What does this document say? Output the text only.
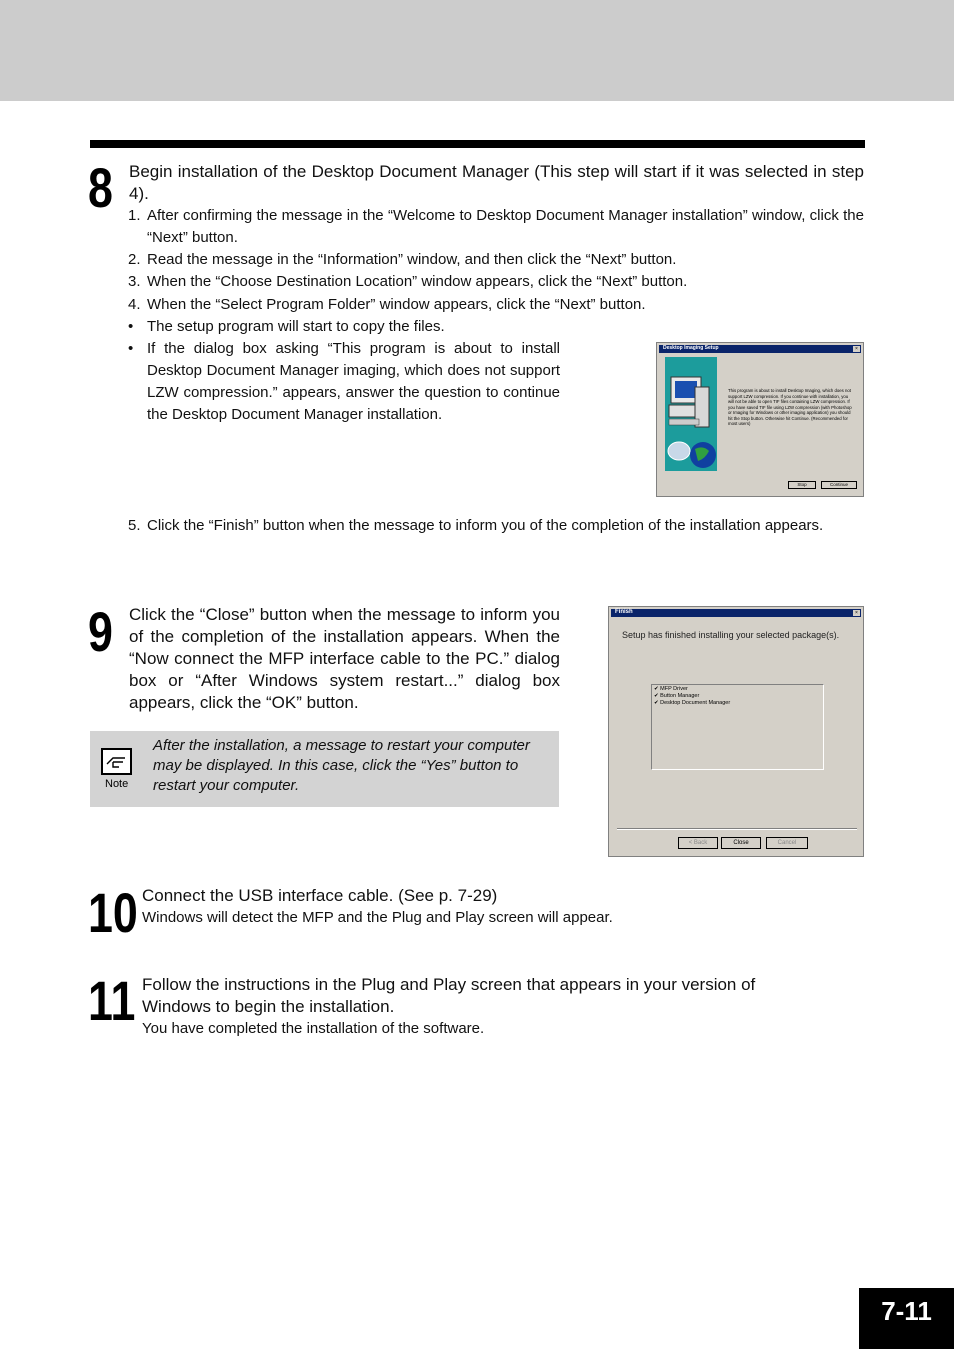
8 Begin installation of the Desktop Document Manager (This step will start if it was selected in step 4).
1. After confirming the message in the “Welcome to Desktop Document Manager installation” window, click the “Next” button.
2. Read the message in the “Information” window, and then click the “Next” button.
3. When the “Choose Destination Location” window appears, click the “Next” button.
4. When the “Select Program Folder” window appears, click the “Next” button.
• The setup program will start to copy the files.
• If the dialog box asking “This program is about to install Desktop Document Manager imaging, which does not support LZW compression.” appears, answer the question to continue the Desktop Document Manager installation.
Desktop Imaging Setup	×
This program is about to install Desktop Imaging, which does not support LZW compression. If you continue with installation, you will not be able to open TIF files containing LZW compression. If you have saved TIF file using LZW compression (with Photoshop or Imaging for Windows or other imaging application) you should hit the Stop button. Otherwise hit Continue. (Recommended for most users)
Stop	Continue
5. Click the “Finish” button when the message to inform you of the completion of the installation appears.
9 Click the “Close” button when the message to inform you of the completion of the installation appears. When the “Now connect the MFP interface cable to the PC.” dialog box or “After Windows system restart...” dialog box appears, click the “OK” button.
Note
After the installation, a message to restart your computer may be displayed. In this case, click the “Yes” button to restart your computer.
Finish	×
Setup has finished installing your selected package(s).
✔ MFP Driver
✔ Button Manager
✔ Desktop Document Manager
< Back	Close	Cancel
10 Connect the USB interface cable. (See p. 7-29)
Windows will detect the MFP and the Plug and Play screen will appear.
11 Follow the instructions in the Plug and Play screen that appears in your version of Windows to begin the installation.
You have completed the installation of the software.
7-11
